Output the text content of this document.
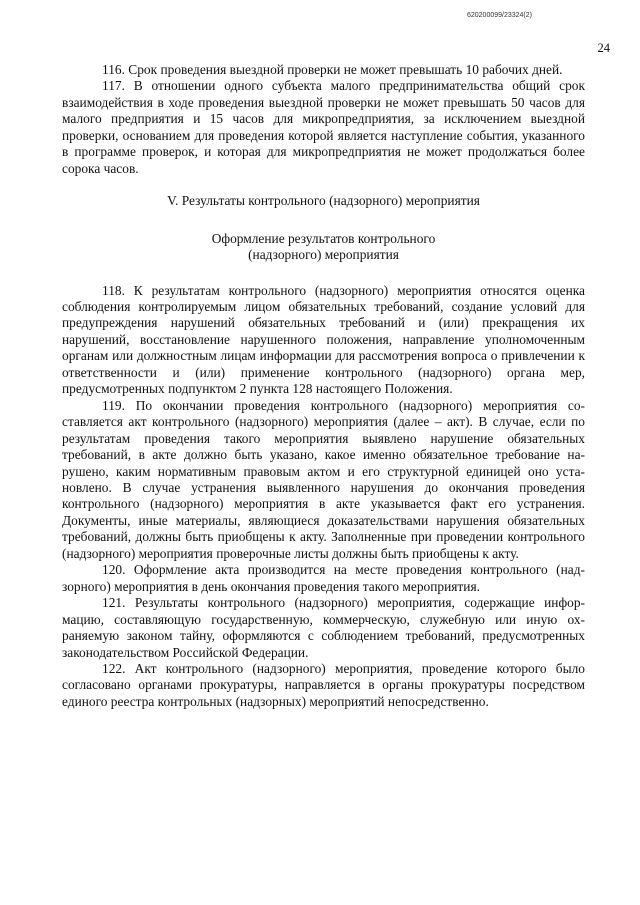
620200099/23324(2)

24

116. Срок проведения выездной проверки не может превышать 10 рабочих дней.

117. В отношении одного субъекта малого предпринимательства общий срок взаимодействия в ходе проведения выездной проверки не может превышать 50 часов для малого предприятия и 15 часов для микропредприятия, за исключением выездной проверки, основанием для проведения которой является наступление события, указанного в программе проверок, и которая для микропредприятия не может продолжаться более сорока часов.

V. Результаты контрольного (надзорного) мероприятия
Оформление результатов контрольного
(надзорного) мероприятия

118. К результатам контрольного (надзорного) мероприятия относятся оценка соблюдения контролируемым лицом обязательных требований, создание условий для предупреждения нарушений обязательных требований и (или) прекращения их нарушений, восстановление нарушенного положения, направление уполномоченным органам или должностным лицам информации для рассмотрения вопроса о привлечении к ответственности и (или) применение контрольного (надзорного) органа мер, предусмотренных подпунктом 2 пункта 128 настоящего Положения.

119. По окончании проведения контрольного (надзорного) мероприятия составляется акт контрольного (надзорного) мероприятия (далее – акт). В случае, если по результатам проведения такого мероприятия выявлено нарушение обязательных требований, в акте должно быть указано, какое именно обязательное требование нарушено, каким нормативным правовым актом и его структурной единицей оно установлено. В случае устранения выявленного нарушения до окончания проведения контрольного (надзорного) мероприятия в акте указывается факт его устранения. Документы, иные материалы, являющиеся доказательствами нарушения обязательных требований, должны быть приобщены к акту. Заполненные при проведении контрольного (надзорного) мероприятия проверочные листы должны быть приобщены к акту.

120. Оформление акта производится на месте проведения контрольного (надзорного) мероприятия в день окончания проведения такого мероприятия.

121. Результаты контрольного (надзорного) мероприятия, содержащие информацию, составляющую государственную, коммерческую, служебную или иную охраняемую законом тайну, оформляются с соблюдением требований, предусмотренных законодательством Российской Федерации.

122. Акт контрольного (надзорного) мероприятия, проведение которого было согласовано органами прокуратуры, направляется в органы прокуратуры посредством единого реестра контрольных (надзорных) мероприятий непосредственно.
